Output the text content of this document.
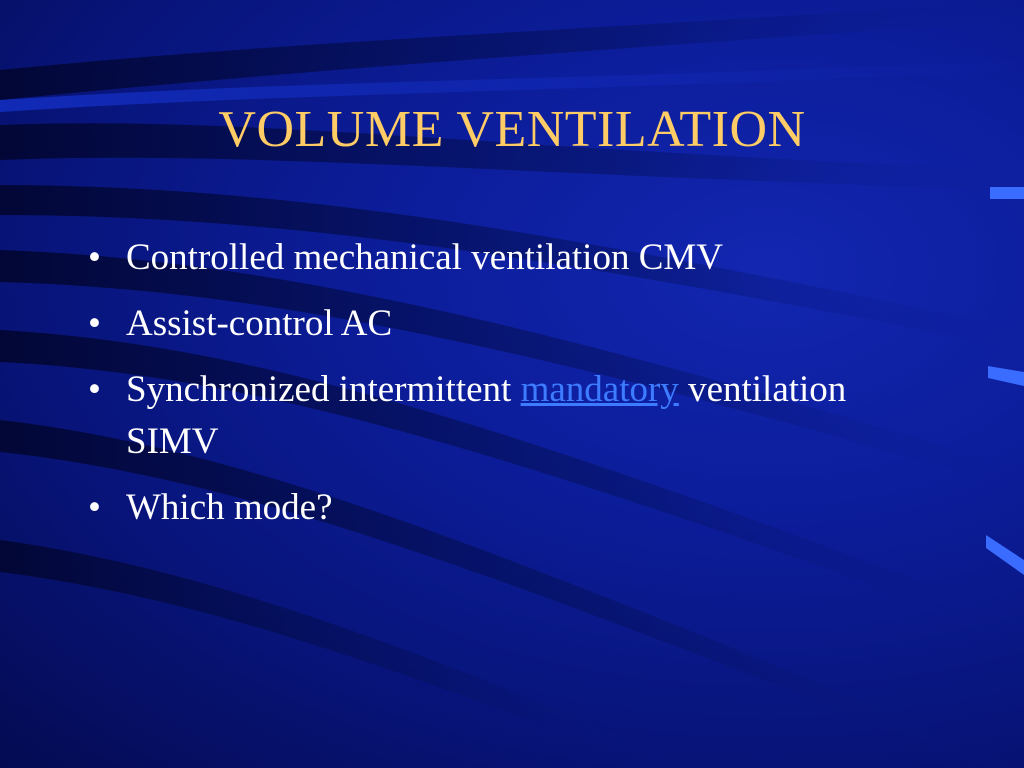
VOLUME VENTILATION
• Controlled mechanical ventilation CMV
• Assist-control AC
• Synchronized intermittent mandatory ventilation SIMV
• Which mode?
